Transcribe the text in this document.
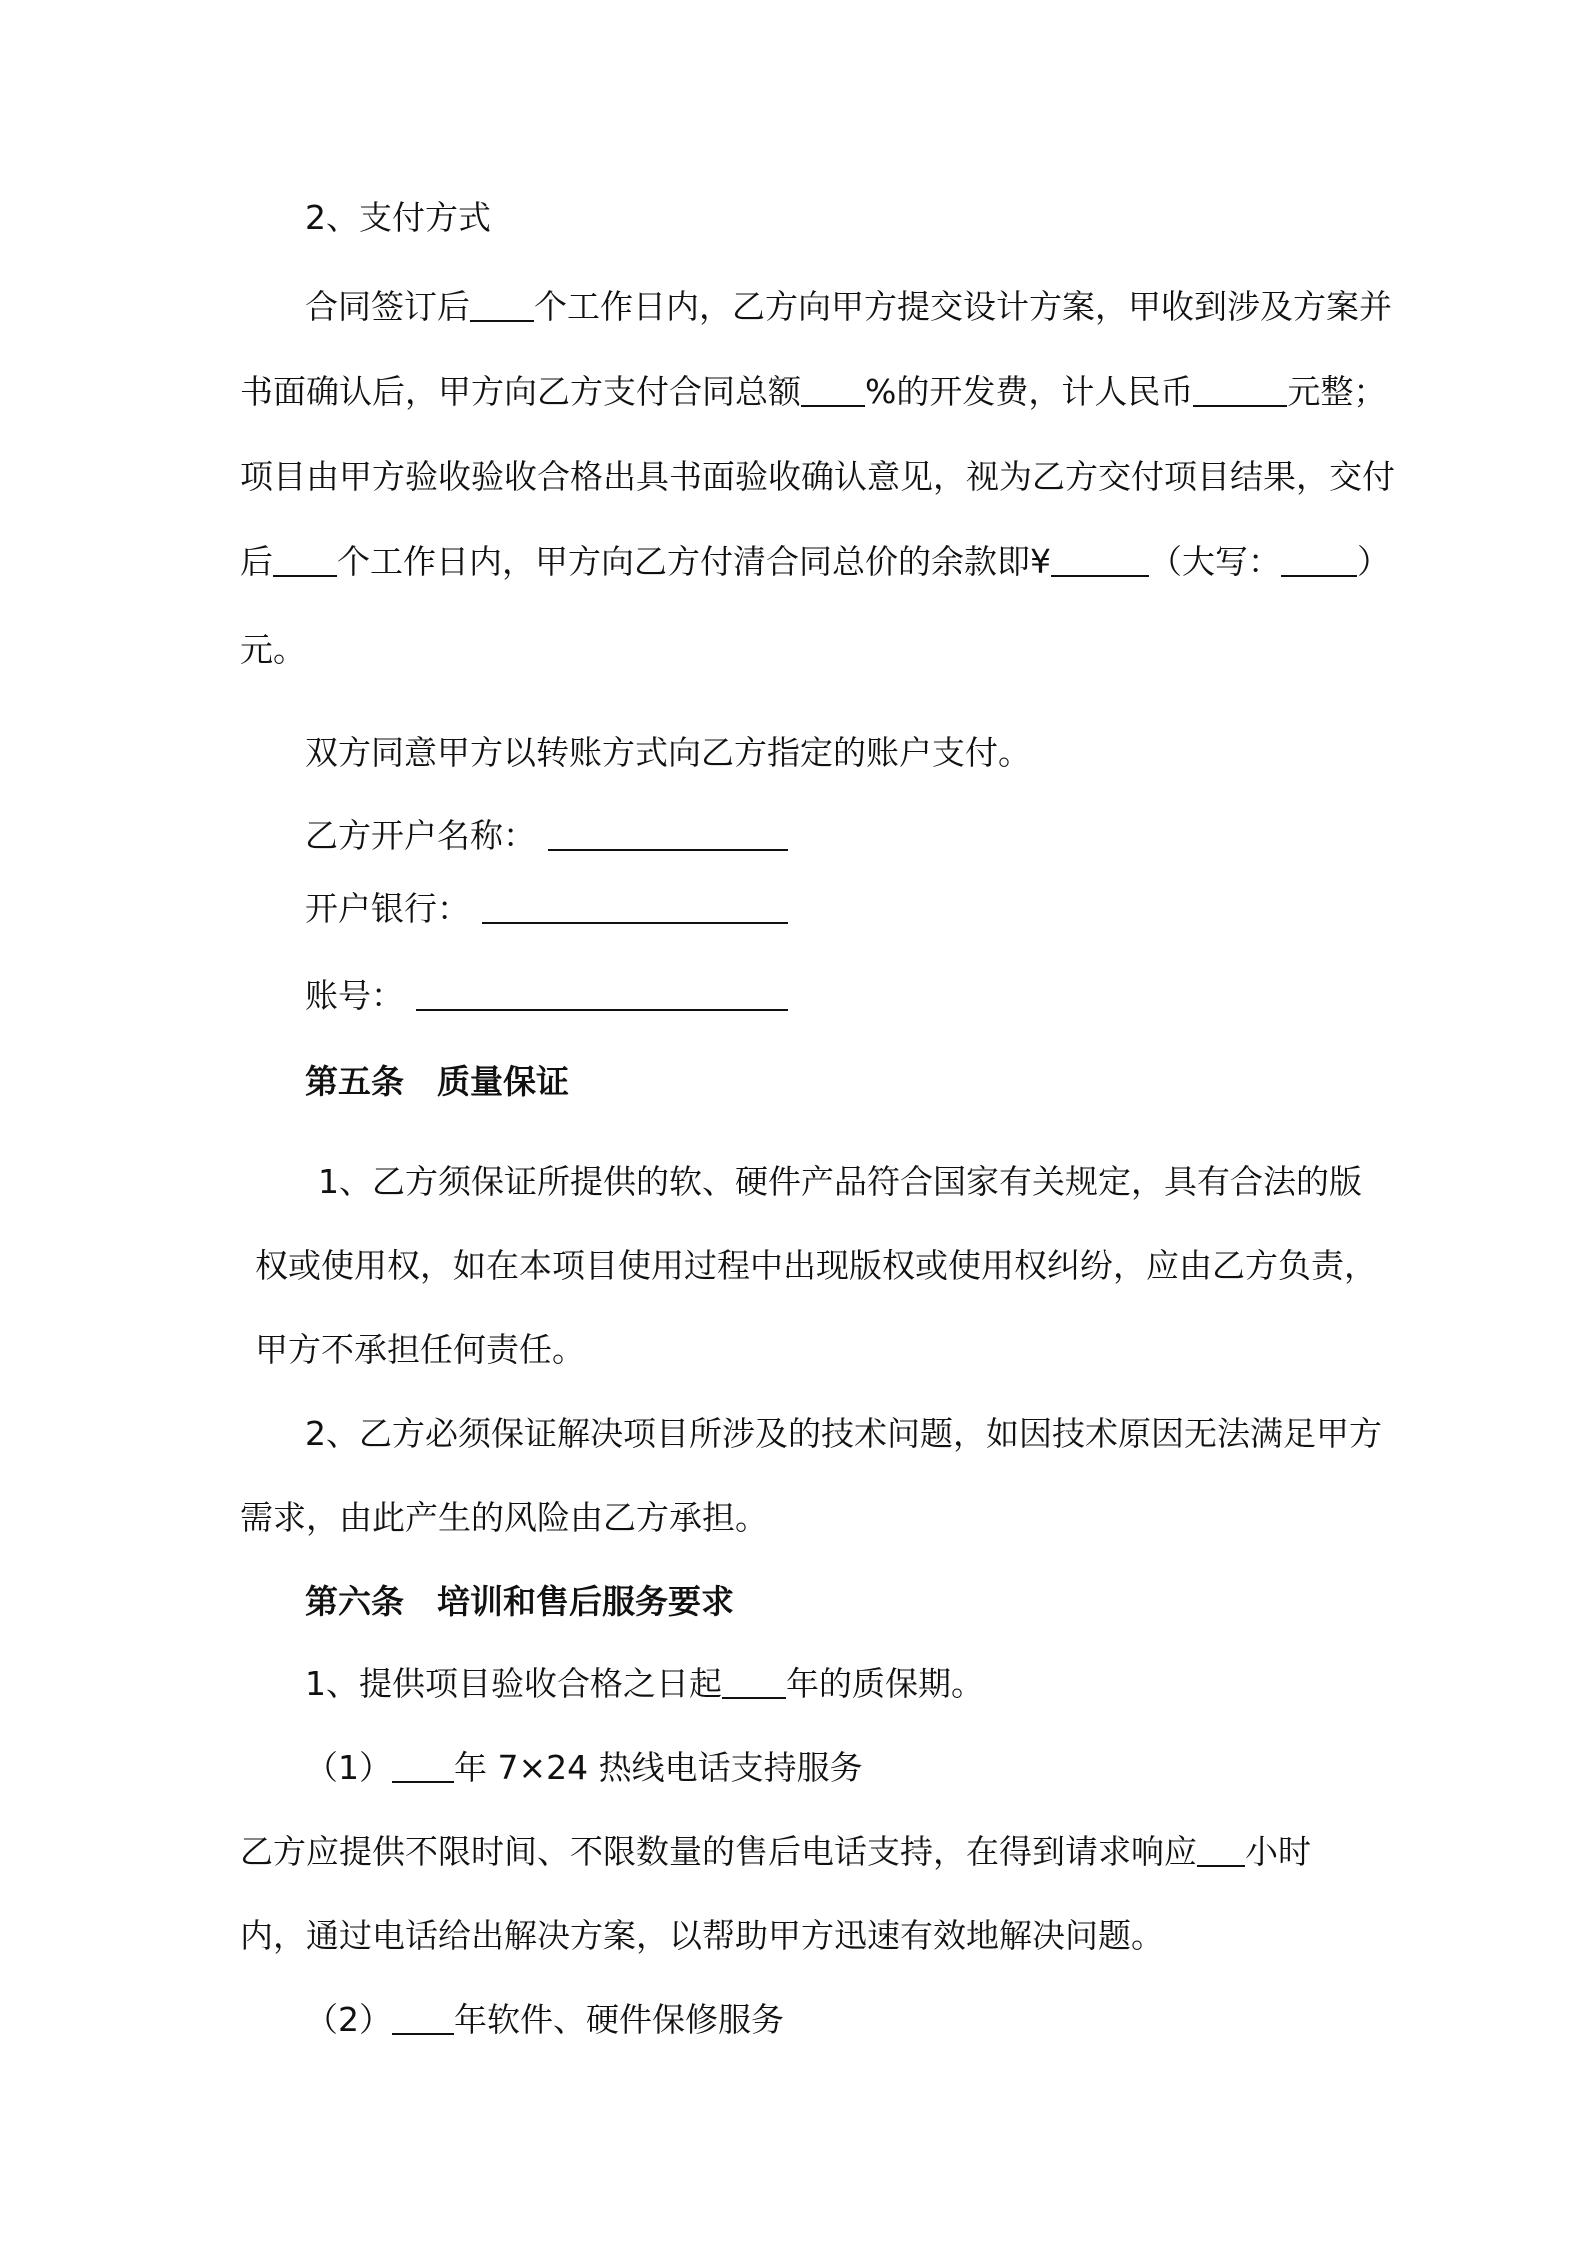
2、支付方式
合同签订后 个工作日内，乙方向甲方提交设计方案，甲收到涉及方案并
书面确认后，甲方向乙方支付合同总额 %的开发费，计人民币	元整；
项目由甲方验收验收合格出具书面验收确认意见，视为乙方交付项目结果，交付
后 个工作日内，甲方向乙方付清合同总价的余款即¥	（大写： ）
元。
双方同意甲方以转账方式向乙方指定的账户支付。
乙方开户名称：
开户银行：
账号：
第五条　质量保证
1、乙方须保证所提供的软、硬件产品符合国家有关规定，具有合法的版
权或使用权，如在本项目使用过程中出现版权或使用权纠纷，应由乙方负责，
甲方不承担任何责任。
2、乙方必须保证解决项目所涉及的技术问题，如因技术原因无法满足甲方
需求，由此产生的风险由乙方承担。
第六条　培训和售后服务要求
1、提供项目验收合格之日起 年的质保期。
（1） 年 7×24 热线电话支持服务
乙方应提供不限时间、不限数量的售后电话支持，在得到请求响应 小时
内，通过电话给出解决方案，以帮助甲方迅速有效地解决问题。
（2） 年软件、硬件保修服务
